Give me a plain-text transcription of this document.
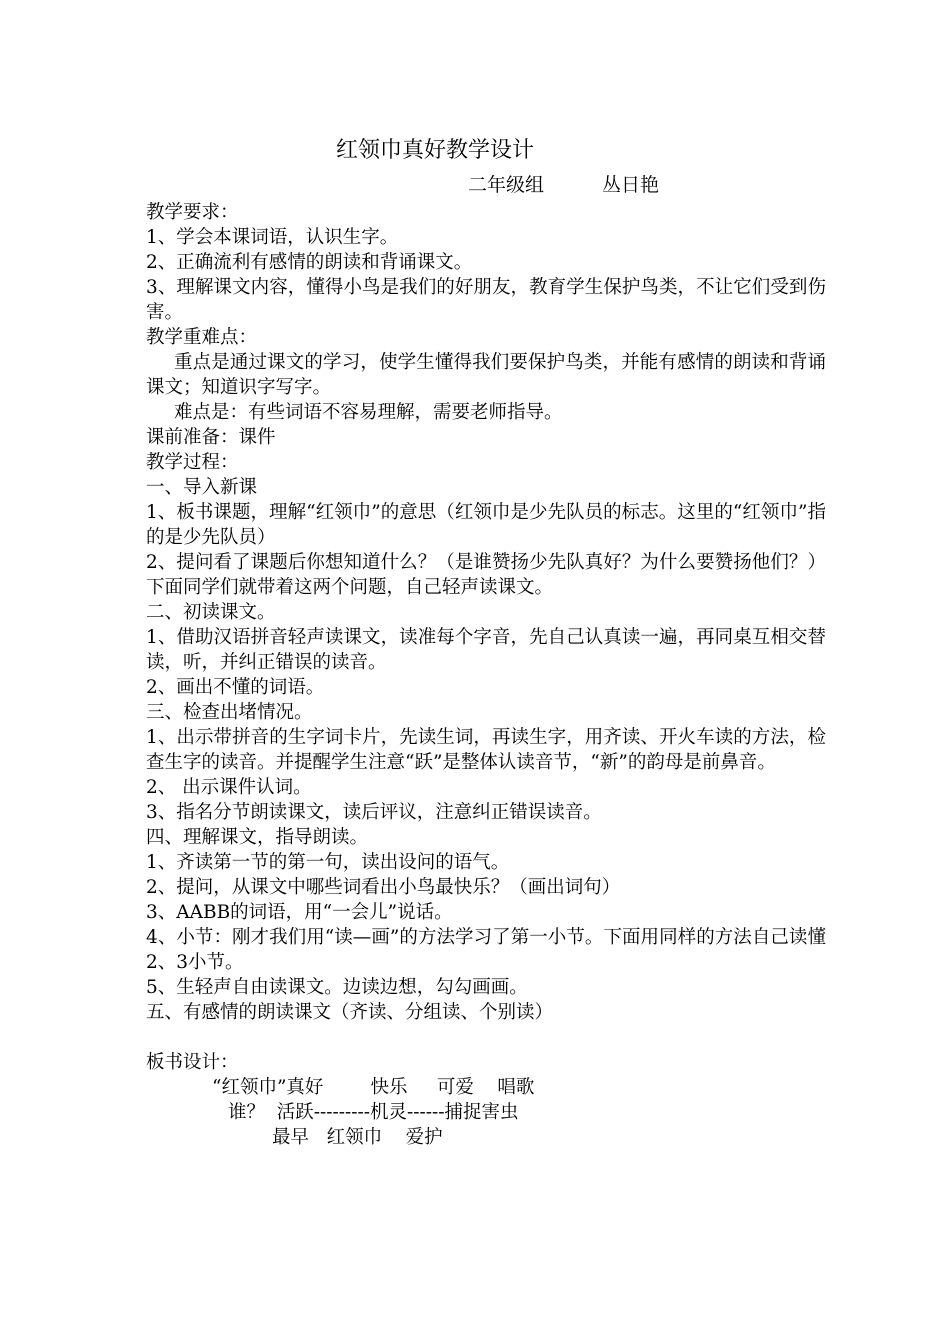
红领巾真好教学设计
二年级组	丛日艳
教学要求：
1、学会本课词语，认识生字。
2、正确流利有感情的朗读和背诵课文。
3、理解课文内容，懂得小鸟是我们的好朋友，教育学生保护鸟类，不让它们受到伤害。
教学重难点：
重点是通过课文的学习，使学生懂得我们要保护鸟类，并能有感情的朗读和背诵课文；知道识字写字。
难点是：有些词语不容易理解，需要老师指导。
课前准备：课件
教学过程：
一、导入新课
1、板书课题，理解“红领巾”的意思（红领巾是少先队员的标志。这里的“红领巾”指的是少先队员）
2、提问看了课题后你想知道什么？（是谁赞扬少先队真好？为什么要赞扬他们？）下面同学们就带着这两个问题，自己轻声读课文。
二、初读课文。
1、借助汉语拼音轻声读课文，读准每个字音，先自己认真读一遍，再同桌互相交替读，听，并纠正错误的读音。
2、画出不懂的词语。
三、检查出堵情况。
1、出示带拼音的生字词卡片，先读生词，再读生字，用齐读、开火车读的方法，检查生字的读音。并提醒学生注意“跃”是整体认读音节，“新”的韵母是前鼻音。
2、 出示课件认词。
3、指名分节朗读课文，读后评议，注意纠正错误读音。
四、理解课文，指导朗读。
1、齐读第一节的第一句，读出设问的语气。
2、提问，从课文中哪些词看出小鸟最快乐？（画出词句）
3、AABB的词语，用“一会儿”说话。
4、小节：刚才我们用“读—画”的方法学习了第一小节。下面用同样的方法自己读懂2、3小节。
5、生轻声自由读课文。边读边想，勾勾画画。
五、有感情的朗读课文（齐读、分组读、个别读）
板书设计：
“红领巾”真好        快乐     可爱    唱歌
谁？  活跃---------机灵------捕捉害虫
最早   红领巾    爱护
